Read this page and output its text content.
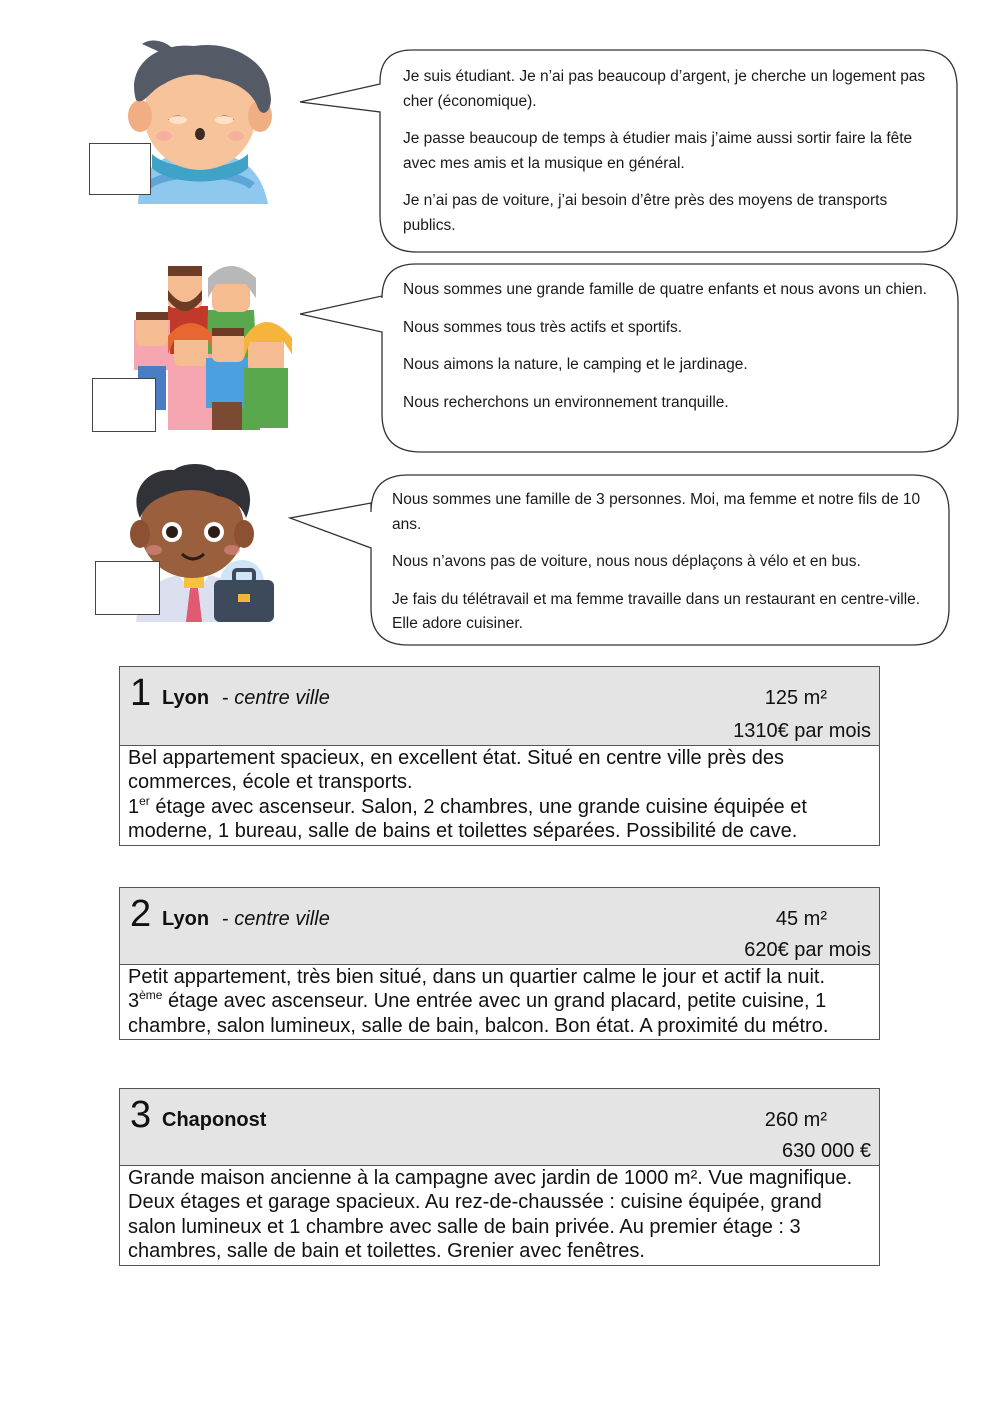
Je suis étudiant. Je n’ai pas beaucoup d’argent, je cherche un logement pas cher (économique).

Je passe beaucoup de temps à étudier mais j’aime aussi sortir faire la fête avec mes amis et la musique en général.

Je n’ai pas de voiture, j’ai besoin d’être près des moyens de transports publics.

Nous sommes une grande famille de quatre enfants et nous avons un chien.

Nous sommes tous très actifs et sportifs.

Nous aimons la nature, le camping et le jardinage.

Nous recherchons un environnement tranquille.

Nous sommes une famille de 3 personnes. Moi, ma femme et notre fils de 10 ans.

Nous n’avons pas de voiture, nous nous déplaçons à vélo et en bus.

Je fais du télétravail et ma femme travaille dans un restaurant en centre-ville. Elle adore cuisiner.

1 Lyon	- centre ville	125 m²
1310€ par mois
Bel appartement spacieux, en excellent état. Situé en centre ville près des commerces, école et transports.
1er étage avec ascenseur. Salon, 2 chambres, une grande cuisine équipée et moderne, 1 bureau, salle de bains et toilettes séparées. Possibilité de cave.
2 Lyon	- centre ville	45 m²
620€ par mois
Petit appartement, très bien situé, dans un quartier calme le jour et actif la nuit.
3ème étage avec ascenseur. Une entrée avec un grand placard, petite cuisine, 1 chambre, salon lumineux, salle de bain, balcon. Bon état. A proximité du métro.
3 Chaponost	260 m²
630 000 €
Grande maison ancienne à la campagne avec jardin de 1000 m². Vue magnifique. Deux étages et garage spacieux. Au rez-de-chaussée : cuisine équipée, grand salon lumineux et 1 chambre avec salle de bain privée. Au premier étage : 3 chambres, salle de bain et toilettes. Grenier avec fenêtres.
